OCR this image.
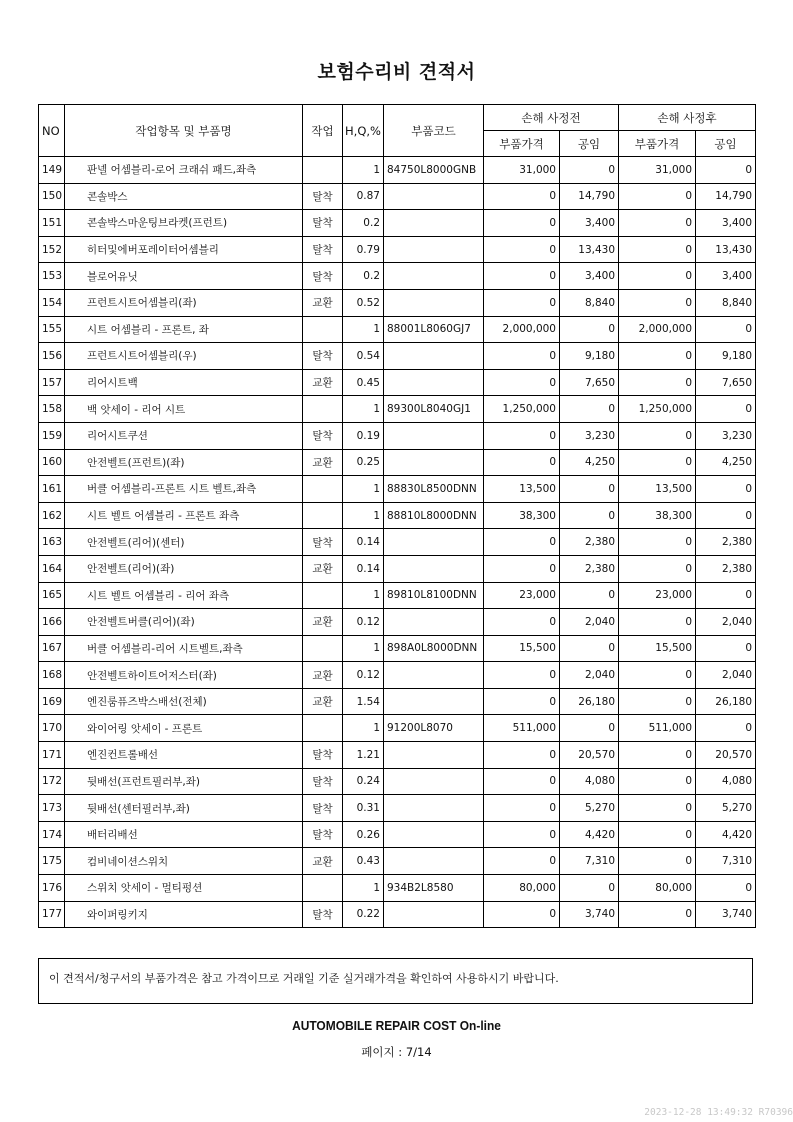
보험수리비 견적서
NO	작업항목 및 부품명	작업	H,Q,%	부품코드	손해 사정전		손해 사정후	
					부품가격	공임	부품가격	공임
149	판넬 어셈블리-로어 크래쉬 패드,좌측		1	84750L8000GNB	31,000	0	31,000	0
150	콘솔박스	탈착	0.87		0	14,790	0	14,790
151	콘솔박스마운팅브라켓(프런트)	탈착	0.2		0	3,400	0	3,400
152	히터및에버포레이터어셈블리	탈착	0.79		0	13,430	0	13,430
153	블로어유닛	탈착	0.2		0	3,400	0	3,400
154	프런트시트어셈블리(좌)	교환	0.52		0	8,840	0	8,840
155	시트 어셈블리 - 프론트, 좌		1	88001L8060GJ7	2,000,000	0	2,000,000	0
156	프런트시트어셈블리(우)	탈착	0.54		0	9,180	0	9,180
157	리어시트백	교환	0.45		0	7,650	0	7,650
158	백 앗세이 - 리어 시트		1	89300L8040GJ1	1,250,000	0	1,250,000	0
159	리어시트쿠션	탈착	0.19		0	3,230	0	3,230
160	안전벨트(프런트)(좌)	교환	0.25		0	4,250	0	4,250
161	버클 어셈블리-프론트 시트 벨트,좌측		1	88830L8500DNN	13,500	0	13,500	0
162	시트 벨트 어셈블리 - 프론트 좌측		1	88810L8000DNN	38,300	0	38,300	0
163	안전벨트(리어)(센터)	탈착	0.14		0	2,380	0	2,380
164	안전벨트(리어)(좌)	교환	0.14		0	2,380	0	2,380
165	시트 벨트 어셈블리 - 리어 좌측		1	89810L8100DNN	23,000	0	23,000	0
166	안전벨트버클(리어)(좌)	교환	0.12		0	2,040	0	2,040
167	버클 어셈블리-리어 시트벨트,좌측		1	898A0L8000DNN	15,500	0	15,500	0
168	안전벨트하이트어저스터(좌)	교환	0.12		0	2,040	0	2,040
169	엔진룸퓨즈박스배선(전체)	교환	1.54		0	26,180	0	26,180
170	와이어링 앗세이 - 프론트		1	91200L8070	511,000	0	511,000	0
171	엔진컨트롤배선	탈착	1.21		0	20,570	0	20,570
172	뒷배선(프런트필러부,좌)	탈착	0.24		0	4,080	0	4,080
173	뒷배선(센터필러부,좌)	탈착	0.31		0	5,270	0	5,270
174	배터리배선	탈착	0.26		0	4,420	0	4,420
175	컴비네이션스위치	교환	0.43		0	7,310	0	7,310
176	스위치 앗세이 - 멀티펑션		1	934B2L8580	80,000	0	80,000	0
177	와이퍼링키지	탈착	0.22		0	3,740	0	3,740
이 견적서/청구서의 부품가격은 참고 가격이므로 거래일 기준 실거래가격을 확인하여 사용하시기 바랍니다.
AUTOMOBILE REPAIR COST On-line
페이지 : 7/14
2023-12-28 13:49:32 R70396
